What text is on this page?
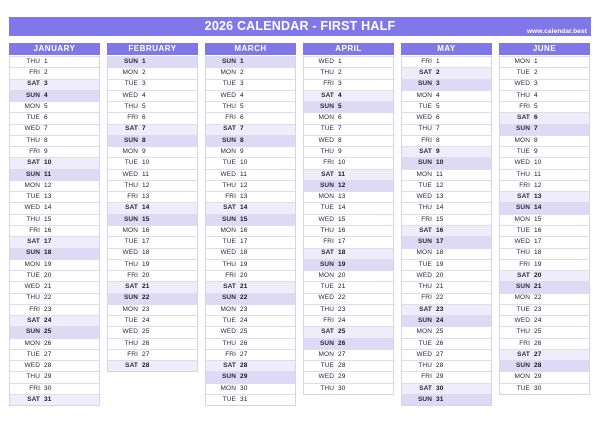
2026 CALENDAR - FIRST HALF	www.calendar.best
JANUARY
THU 1
FRI 2
SAT 3
SUN 4
MON 5
TUE 6
WED 7
THU 8
FRI 9
SAT 10
SUN 11
MON 12
TUE 13
WED 14
THU 15
FRI 16
SAT 17
SUN 18
MON 19
TUE 20
WED 21
THU 22
FRI 23
SAT 24
SUN 25
MON 26
TUE 27
WED 28
THU 29
FRI 30
SAT 31
FEBRUARY
SUN 1
MON 2
TUE 3
WED 4
THU 5
FRI 6
SAT 7
SUN 8
MON 9
TUE 10
WED 11
THU 12
FRI 13
SAT 14
SUN 15
MON 16
TUE 17
WED 18
THU 19
FRI 20
SAT 21
SUN 22
MON 23
TUE 24
WED 25
THU 26
FRI 27
SAT 28
MARCH
SUN 1
MON 2
TUE 3
WED 4
THU 5
FRI 6
SAT 7
SUN 8
MON 9
TUE 10
WED 11
THU 12
FRI 13
SAT 14
SUN 15
MON 16
TUE 17
WED 18
THU 19
FRI 20
SAT 21
SUN 22
MON 23
TUE 24
WED 25
THU 26
FRI 27
SAT 28
SUN 29
MON 30
TUE 31
APRIL
WED 1
THU 2
FRI 3
SAT 4
SUN 5
MON 6
TUE 7
WED 8
THU 9
FRI 10
SAT 11
SUN 12
MON 13
TUE 14
WED 15
THU 16
FRI 17
SAT 18
SUN 19
MON 20
TUE 21
WED 22
THU 23
FRI 24
SAT 25
SUN 26
MON 27
TUE 28
WED 29
THU 30
MAY
FRI 1
SAT 2
SUN 3
MON 4
TUE 5
WED 6
THU 7
FRI 8
SAT 9
SUN 10
MON 11
TUE 12
WED 13
THU 14
FRI 15
SAT 16
SUN 17
MON 18
TUE 19
WED 20
THU 21
FRI 22
SAT 23
SUN 24
MON 25
TUE 26
WED 27
THU 28
FRI 29
SAT 30
SUN 31
JUNE
MON 1
TUE 2
WED 3
THU 4
FRI 5
SAT 6
SUN 7
MON 8
TUE 9
WED 10
THU 11
FRI 12
SAT 13
SUN 14
MON 15
TUE 16
WED 17
THU 18
FRI 19
SAT 20
SUN 21
MON 22
TUE 23
WED 24
THU 25
FRI 26
SAT 27
SUN 28
MON 29
TUE 30
